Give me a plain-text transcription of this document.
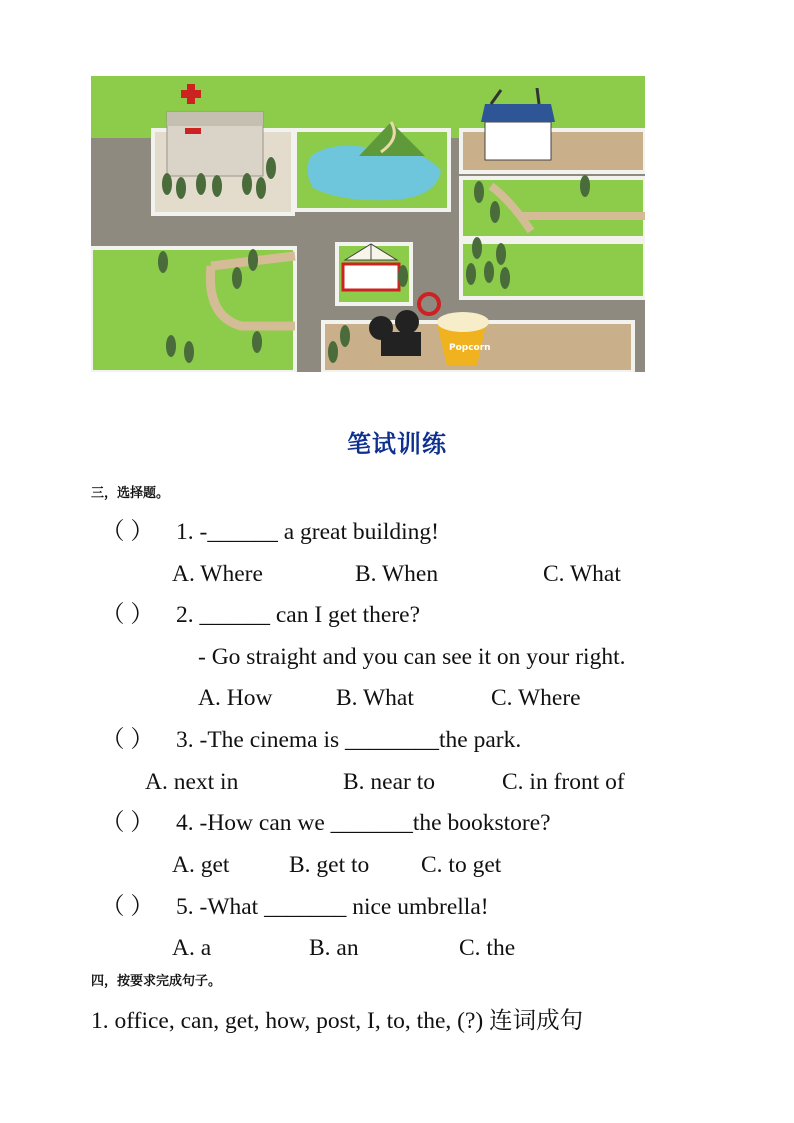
Popcorn
笔试训练
三，选择题。
（ ） 1. -______ a great building!
A. Where	B. When	C. What
（ ） 2. ______ can I get there?
- Go straight and you can see it on your right.
A. How	B. What	C. Where
（ ） 3. -The cinema is ________the park.
A. next in	B. near to	C. in front of
（ ） 4. -How can we _______the bookstore?
A. get	B. get to C. to get
（ ） 5. -What _______ nice umbrella!
A. a	B. an	C. the
四，按要求完成句子。
1. office, can, get, how, post, I, to, the, (?) 连词成句
